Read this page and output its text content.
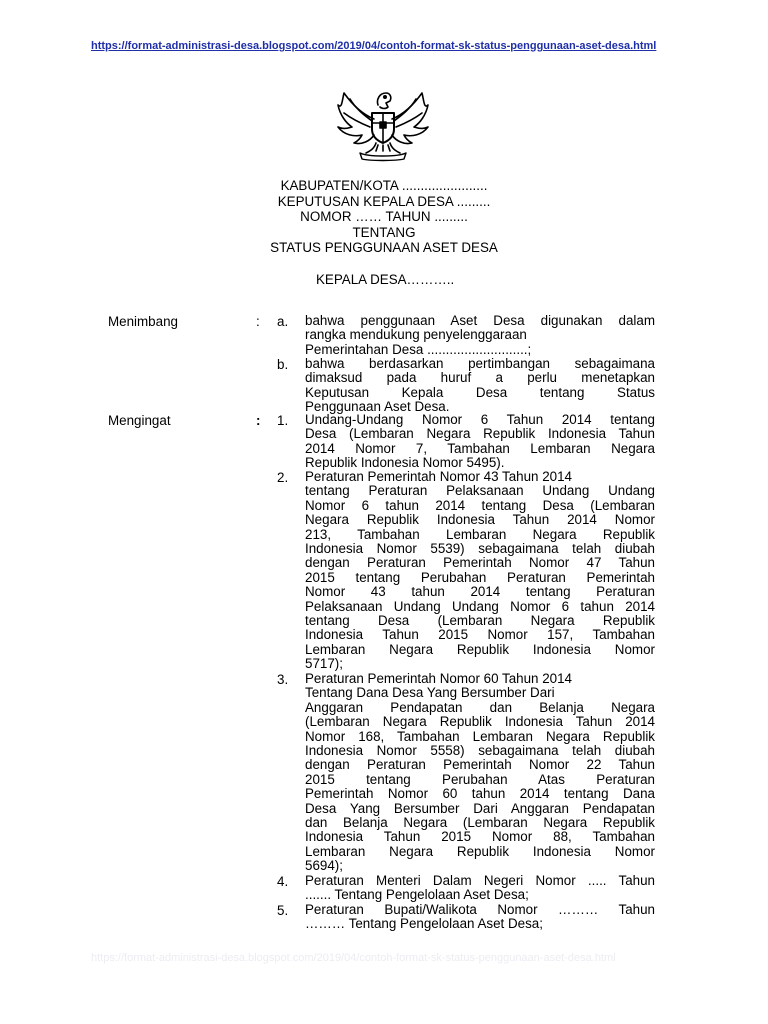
https://format-administrasi-desa.blogspot.com/2019/04/contoh-format-sk-status-penggunaan-aset-desa.html
KABUPATEN/KOTA .......................
KEPUTUSAN KEPALA DESA .........
NOMOR …… TAHUN .........
TENTANG
STATUS PENGGUNAAN ASET DESA
KEPALA DESA………..
Menimbang	: a. bahwa penggunaan Aset Desa digunakan dalam
rangka mendukung penyelenggaraan
Pemerintahan Desa ...........................;
b. bahwa berdasarkan pertimbangan sebagaimana
dimaksud pada huruf a perlu menetapkan
Keputusan Kepala Desa tentang Status
Penggunaan Aset Desa.
Mengingat	: 1. Undang-Undang Nomor 6 Tahun 2014 tentang
Desa (Lembaran Negara Republik Indonesia Tahun
2014 Nomor 7, Tambahan Lembaran Negara
Republik Indonesia Nomor 5495).
2. Peraturan Pemerintah Nomor 43 Tahun 2014
tentang Peraturan Pelaksanaan Undang Undang
Nomor 6 tahun 2014 tentang Desa (Lembaran
Negara Republik Indonesia Tahun 2014 Nomor
213, Tambahan Lembaran Negara Republik
Indonesia Nomor 5539) sebagaimana telah diubah
dengan Peraturan Pemerintah Nomor 47 Tahun
2015 tentang Perubahan Peraturan Pemerintah
Nomor 43 tahun 2014 tentang Peraturan
Pelaksanaan Undang Undang Nomor 6 tahun 2014
tentang Desa (Lembaran Negara Republik
Indonesia Tahun 2015 Nomor 157, Tambahan
Lembaran Negara Republik Indonesia Nomor
5717);
3. Peraturan Pemerintah Nomor 60 Tahun 2014
Tentang Dana Desa Yang Bersumber Dari
Anggaran Pendapatan dan Belanja Negara
(Lembaran Negara Republik Indonesia Tahun 2014
Nomor 168, Tambahan Lembaran Negara Republik
Indonesia Nomor 5558) sebagaimana telah diubah
dengan Peraturan Pemerintah Nomor 22 Tahun
2015 tentang Perubahan Atas Peraturan
Pemerintah Nomor 60 tahun 2014 tentang Dana
Desa Yang Bersumber Dari Anggaran Pendapatan
dan Belanja Negara (Lembaran Negara Republik
Indonesia Tahun 2015 Nomor 88, Tambahan
Lembaran Negara Republik Indonesia Nomor
5694);
4. Peraturan Menteri Dalam Negeri Nomor ..... Tahun
....... Tentang Pengelolaan Aset Desa;
5. Peraturan Bupati/Walikota Nomor ……… Tahun
……… Tentang Pengelolaan Aset Desa;
https://format-administrasi-desa.blogspot.com/2019/04/contoh-format-sk-status-penggunaan-aset-desa.html
